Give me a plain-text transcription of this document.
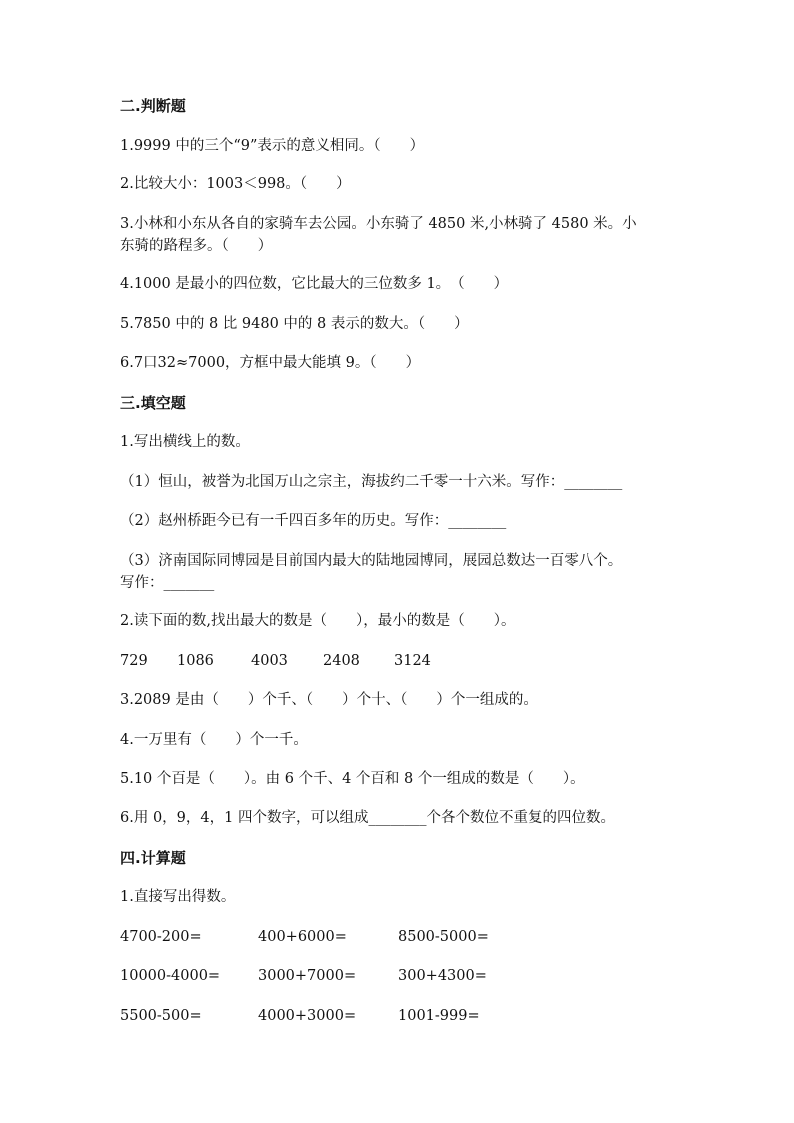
二.判断题
1.9999 中的三个“9”表示的意义相同。（　　）
2.比较大小：1003＜998。（　　）
3.小林和小东从各自的家骑车去公园。小东骑了 4850 米,小林骑了 4580 米。小
东骑的路程多。（　　）
4.1000 是最小的四位数，它比最大的三位数多 1。　（　　）
5.7850 中的 8 比 9480 中的 8 表示的数大。（　　）
6.7口32≈7000，方框中最大能填 9。（　　）
三.填空题
1.写出横线上的数。
（1）恒山，被誉为北国万山之宗主，海拔约二千零一十六米。写作：________
（2）赵州桥距今已有一千四百多年的历史。写作：________
（3）济南国际同博园是目前国内最大的陆地园博同，展园总数达一百零八个。
写作：_______
2.读下面的数,找出最大的数是（　　），最小的数是（　　）。
729 1086	4003 2408 3124
3.2089 是由（　　）个千、（　　）个十、（　　）个一组成的。
4.一万里有（　　）个一千。
5.10 个百是（　　）。由 6 个千、4 个百和 8 个一组成的数是（　　）。
6.用 0，9，4，1 四个数字，可以组成________个各个数位不重复的四位数。
四.计算题
1.直接写出得数。
4700-200=	400+6000=	8500-5000=
10000-4000=	3000+7000=	300+4300=
5500-500=	4000+3000=	1001-999=
